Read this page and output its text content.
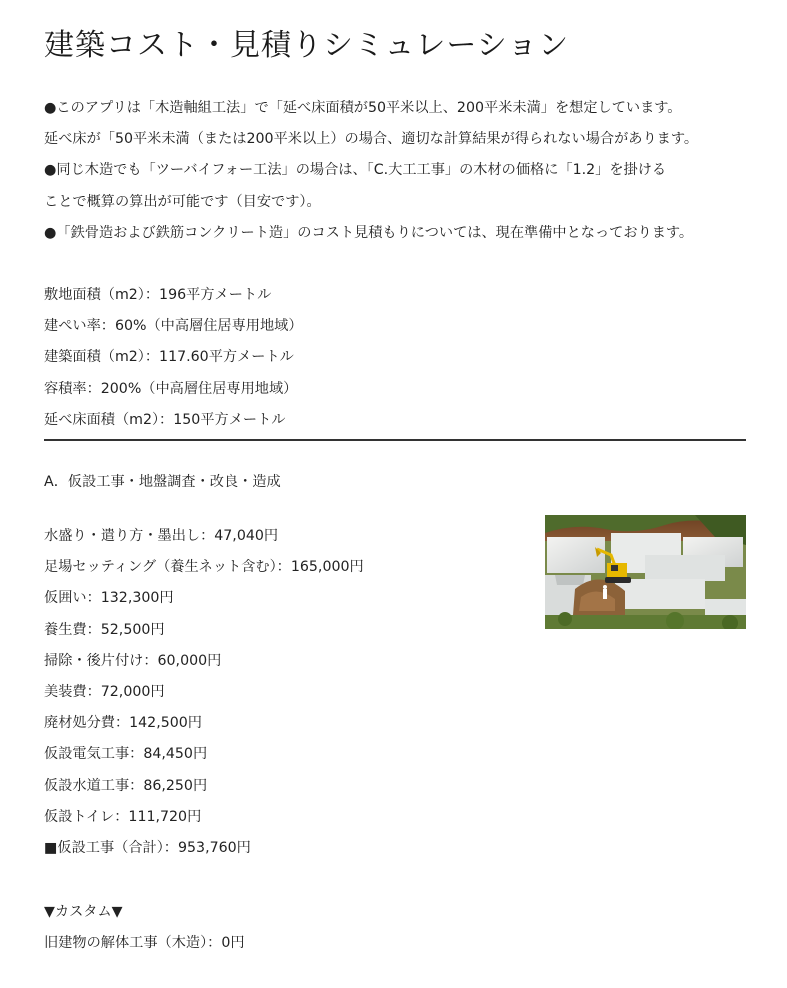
建築コスト・見積りシミュレーション

●このアプリは「木造軸組工法」で「延べ床面積が50平米以上、200平米未満」を想定しています。

延べ床が「50平米未満（または200平米以上）の場合、適切な計算結果が得られない場合があります。

●同じ木造でも「ツーバイフォー工法」の場合は、「C.大工工事」の木材の価格に「1.2」を掛ける

ことで概算の算出が可能です（目安です）。

●「鉄骨造および鉄筋コンクリート造」のコスト見積もりについては、現在準備中となっております。

敷地面積（m2）：196平方メートル

建ぺい率：60%（中高層住居専用地域）

建築面積（m2）：117.60平方メートル

容積率：200%（中高層住居専用地域）

延べ床面積（m2）：150平方メートル

A．仮設工事・地盤調査・改良・造成
水盛り・遣り方・墨出し：47,040円
足場セッティング（養生ネット含む）：165,000円
仮囲い：132,300円
養生費：52,500円
掃除・後片付け：60,000円
美装費：72,000円
廃材処分費：142,500円
仮設電気工事：84,450円
仮設水道工事：86,250円
仮設トイレ：111,720円
■仮設工事（合計）：953,760円

▼カスタム▼

旧建物の解体工事（木造）：0円
